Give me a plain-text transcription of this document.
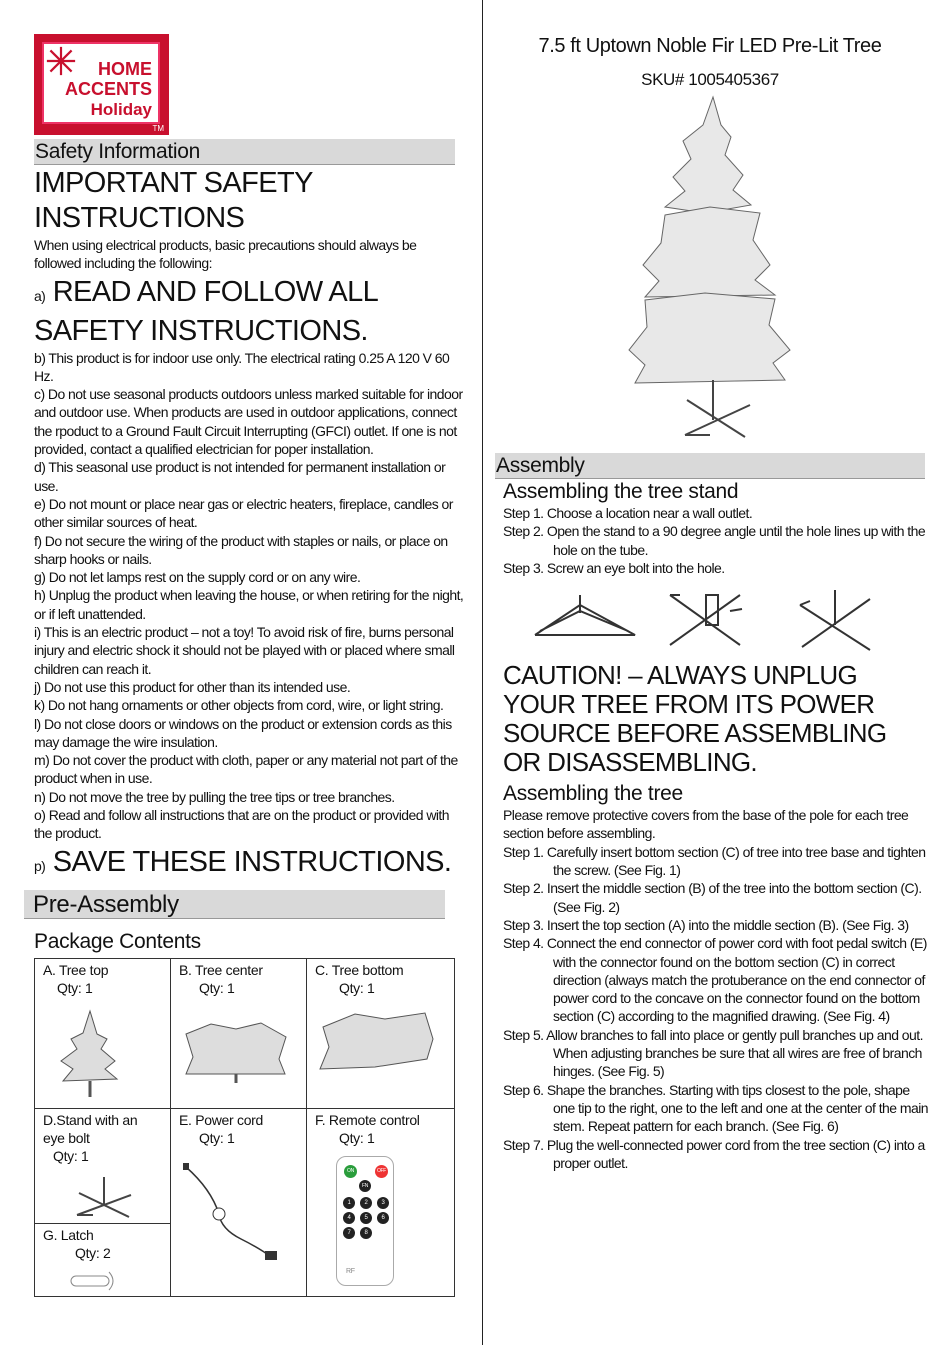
HOME
ACCENTS
Holiday
TM
Safety Information
IMPORTANT SAFETY INSTRUCTIONS
When using electrical products, basic precautions should always be followed including the following:
a) READ AND FOLLOW ALL SAFETY INSTRUCTIONS.
b) This product is for indoor use only. The electrical rating 0.25 A 120 V 60 Hz.
c) Do not use seasonal products outdoors unless marked suitable for indoor and outdoor use. When products are used in outdoor applications, connect the rpoduct to a Ground Fault Circuit Interrupting (GFCI) outlet. If one is not provided, contact a qualified electrician for poper installation.
d) This seasonal use product is not intended for permanent installation or use.
e) Do not mount or place near gas or electric heaters, fireplace, candles or other similar sources of heat.
f) Do not secure the wiring of the product with staples or nails, or place on sharp hooks or nails.
g) Do not let lamps rest on the supply cord or on any wire.
h) Unplug the product when leaving the house, or when retiring for the night, or if left unattended.
i) This is an electric product – not a toy! To avoid risk of fire, burns personal injury and electric shock it should not be played with or placed where small children can reach it.
j) Do not use this product for other than its intended use.
k) Do not hang ornaments or other objects from cord, wire, or light string.
l) Do not close doors or windows on the product or extension cords as this may damage the wire insulation.
m) Do not cover the product with cloth, paper or any material not part of the product when in use.
n) Do not move the tree by pulling the tree tips or tree branches.
o) Read and follow all instructions that are on the product or provided with the product.
p) SAVE THESE INSTRUCTIONS.
Pre-Assembly
Package Contents
A. Tree top
Qty: 1
B. Tree center
Qty: 1
C. Tree bottom
Qty: 1
D.Stand with an eye bolt
Qty: 1
G. Latch
Qty: 2
E. Power cord
Qty: 1
F. Remote control
Qty: 1
ON	OFF
FN
1	2	3
4	5	6
7	8
RF
7.5 ft Uptown Noble Fir LED Pre-Lit Tree
SKU# 1005405367
Assembly
Assembling the tree stand
Step 1. Choose a location near a wall outlet.
Step 2. Open the stand to a 90 degree angle until the hole lines up with the hole on the tube.
Step 3. Screw an eye bolt into the hole.
CAUTION! – ALWAYS UNPLUG YOUR TREE FROM ITS POWER SOURCE BEFORE ASSEMBLING OR DISASSEMBLING.
Assembling the tree
Please remove protective covers from the base of the pole for each tree section before assembling.
Step 1. Carefully insert bottom section (C) of tree into tree base and tighten the screw. (See Fig. 1)
Step 2. Insert the middle section (B) of the tree into the bottom section (C). (See Fig. 2)
Step 3. Insert the top section (A) into the middle section (B). (See Fig. 3)
Step 4. Connect the end connector of power cord with foot pedal switch (E) with the connector found on the bottom section (C) in correct direction (always match the protuberance on the end connector of power cord to the concave on the connector found on the bottom section (C) according to the magnified drawing. (See Fig. 4)
Step 5. Allow branches to fall into place or gently pull branches up and out. When adjusting branches be sure that all wires are free of branch hinges. (See Fig. 5)
Step 6. Shape the branches. Starting with tips closest to the pole, shape one tip to the right, one to the left and one at the center of the main stem. Repeat pattern for each branch. (See Fig. 6)
Step 7. Plug the well-connected power cord from the tree section (C) into a proper outlet.
